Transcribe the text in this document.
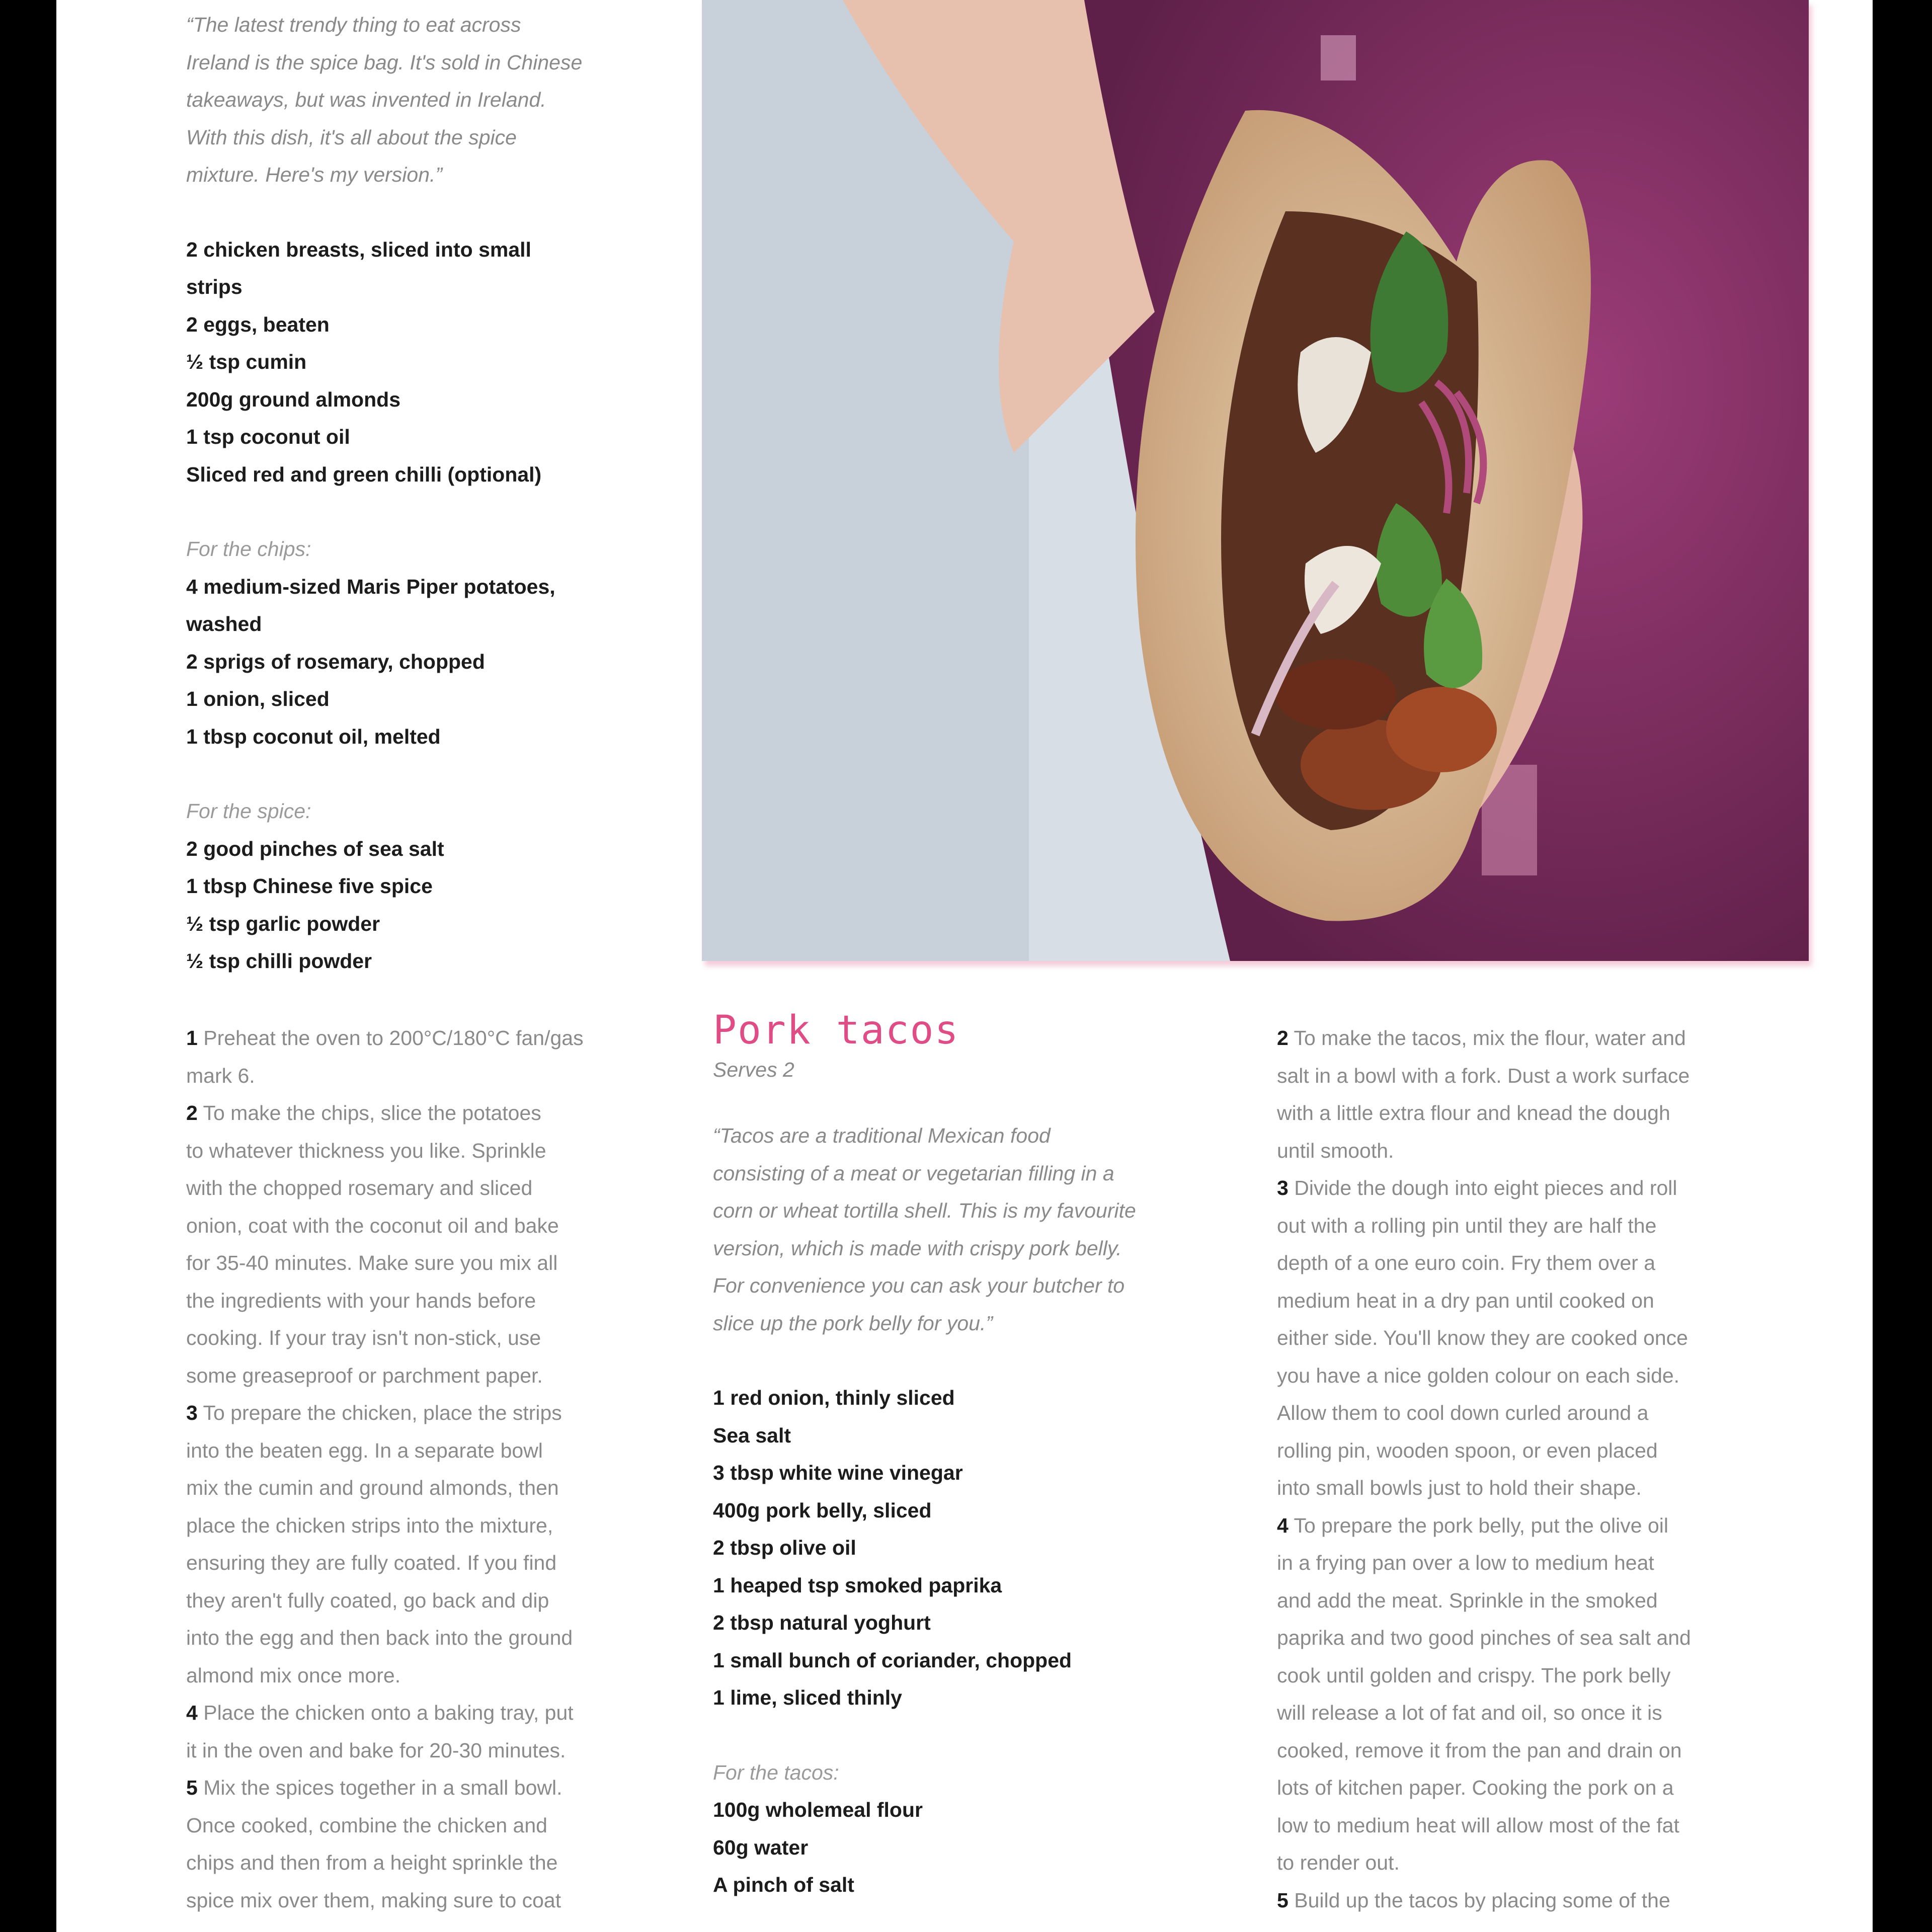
“The latest trendy thing to eat across
Ireland is the spice bag. It's sold in Chinese
takeaways, but was invented in Ireland.
With this dish, it's all about the spice
mixture. Here's my version.”
2 chicken breasts, sliced into small
strips
2 eggs, beaten
½ tsp cumin
200g ground almonds
1 tsp coconut oil
Sliced red and green chilli (optional)
For the chips:
4 medium-sized Maris Piper potatoes,
washed
2 sprigs of rosemary, chopped
1 onion, sliced
1 tbsp coconut oil, melted
For the spice:
2 good pinches of sea salt
1 tbsp Chinese five spice
½ tsp garlic powder
½ tsp chilli powder
1 Preheat the oven to 200°C/180°C fan/gas
mark 6.
2 To make the chips, slice the potatoes
to whatever thickness you like. Sprinkle
with the chopped rosemary and sliced
onion, coat with the coconut oil and bake
for 35-40 minutes. Make sure you mix all
the ingredients with your hands before
cooking. If your tray isn't non-stick, use
some greaseproof or parchment paper.
3 To prepare the chicken, place the strips
into the beaten egg. In a separate bowl
mix the cumin and ground almonds, then
place the chicken strips into the mixture,
ensuring they are fully coated. If you find
they aren't fully coated, go back and dip
into the egg and then back into the ground
almond mix once more.
4 Place the chicken onto a baking tray, put
it in the oven and bake for 20-30 minutes.
5 Mix the spices together in a small bowl.
Once cooked, combine the chicken and
chips and then from a height sprinkle the
spice mix over them, making sure to coat
Pork tacos
Serves 2
“Tacos are a traditional Mexican food
consisting of a meat or vegetarian filling in a
corn or wheat tortilla shell. This is my favourite
version, which is made with crispy pork belly.
For convenience you can ask your butcher to
slice up the pork belly for you.”
1 red onion, thinly sliced
Sea salt
3 tbsp white wine vinegar
400g pork belly, sliced
2 tbsp olive oil
1 heaped tsp smoked paprika
2 tbsp natural yoghurt
1 small bunch of coriander, chopped
1 lime, sliced thinly
For the tacos:
100g wholemeal flour
60g water
A pinch of salt
2 To make the tacos, mix the flour, water and
salt in a bowl with a fork. Dust a work surface
with a little extra flour and knead the dough
until smooth.
3 Divide the dough into eight pieces and roll
out with a rolling pin until they are half the
depth of a one euro coin. Fry them over a
medium heat in a dry pan until cooked on
either side. You'll know they are cooked once
you have a nice golden colour on each side.
Allow them to cool down curled around a
rolling pin, wooden spoon, or even placed
into small bowls just to hold their shape.
4 To prepare the pork belly, put the olive oil
in a frying pan over a low to medium heat
and add the meat. Sprinkle in the smoked
paprika and two good pinches of sea salt and
cook until golden and crispy. The pork belly
will release a lot of fat and oil, so once it is
cooked, remove it from the pan and drain on
lots of kitchen paper. Cooking the pork on a
low to medium heat will allow most of the fat
to render out.
5 Build up the tacos by placing some of the
